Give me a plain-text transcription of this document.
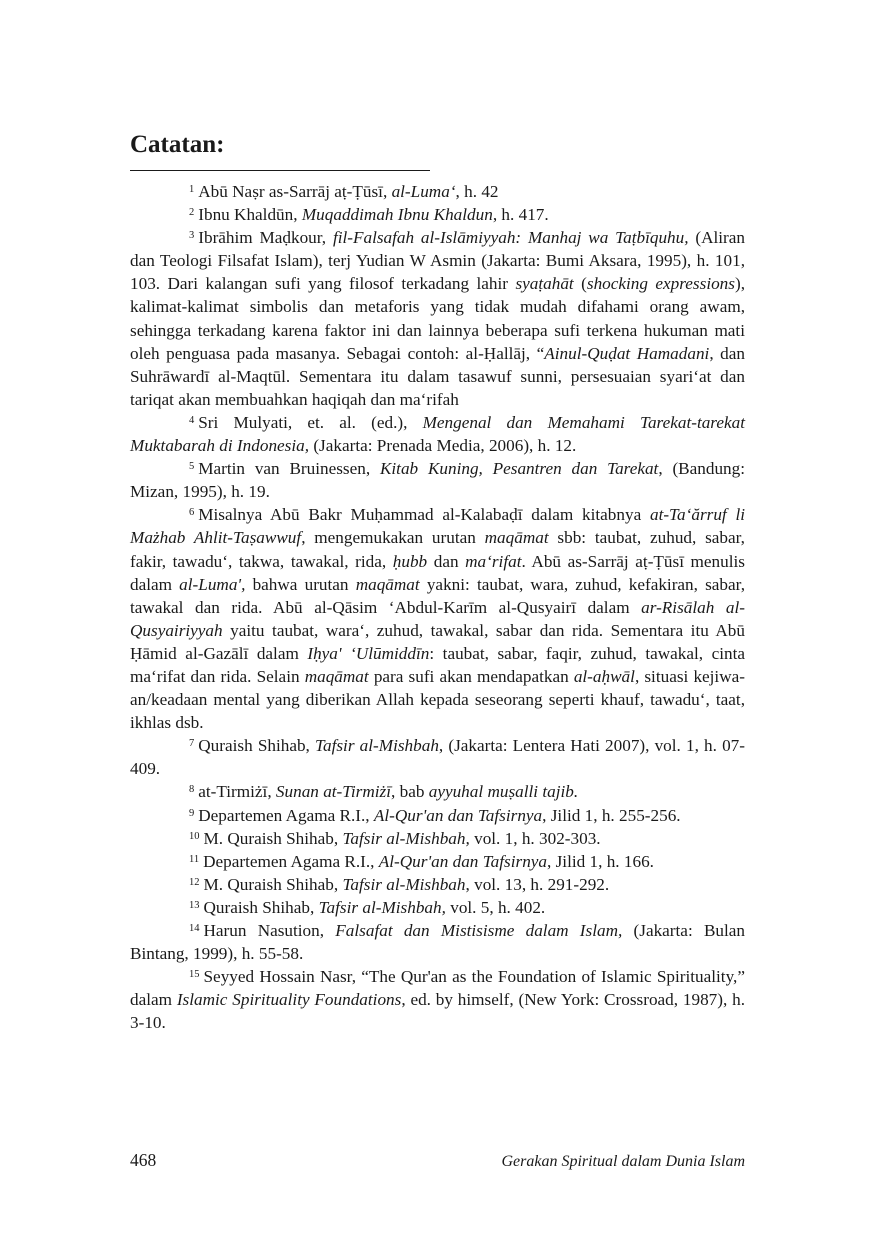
Catatan:

$^1$ Abū Naṣr as-Sarrāj aṭ-Ṭūsī, al-Luma‘, h. 42

$^2$ Ibnu Khaldūn, Muqaddimah Ibnu Khaldun, h. 417.

$^3$ Ibrāhim Maḍkour, fil-Falsafah al-Islāmiyyah: Manhaj wa Taṭbīquhu, (Aliran dan Teologi Filsafat Islam), terj Yudian W Asmin (Jakarta: Bumi Aksara, 1995), h. 101, 103. Dari kalangan sufi yang filosof terkadang lahir syaṭahāt (shocking expressions), kalimat-kalimat simbolis dan metaforis yang tidak mudah difahami orang awam, sehingga terkadang karena faktor ini dan lainnya beberapa sufi terkena hukuman mati oleh penguasa pada masanya. Sebagai contoh: al-Ḥallāj, “Ainul-Quḍat Hamadani, dan Suhrāwardī al-Maqtūl. Sementara itu dalam tasawuf sunni, persesuaian syari‘at dan tariqat akan membuahkan haqiqah dan ma‘rifah

$^4$ Sri Mulyati, et. al. (ed.), Mengenal dan Memahami Tarekat-tarekat Muktabarah di Indonesia, (Jakarta: Prenada Media, 2006), h. 12.

$^5$ Martin van Bruinessen, Kitab Kuning, Pesantren dan Tarekat, (Bandung: Mizan, 1995), h. 19.

$^6$ Misalnya Abū Bakr Muḥammad al-Kalabaḍī dalam kitabnya at-Ta‘ărruf li Mażhab Ahlit-Taṣawwuf, mengemukakan urutan maqāmat sbb: taubat, zuhud, sabar, fakir, tawadu‘, takwa, tawakal, rida, ḥubb dan ma‘rifat. Abū as-Sarrāj aṭ-Ṭūsī menulis dalam al-Luma', bahwa urutan maqāmat yakni: taubat, wara, zuhud, kefakiran, sabar, tawakal dan rida. Abū al-Qāsim ‘Abdul-Karīm al-Qusyairī dalam ar-Risālah al-Qusyairiyyah yaitu taubat, wara‘, zuhud, tawakal, sabar dan rida. Sementara itu Abū Ḥāmid al-Gazālī dalam Iḥya' ‘Ulūmiddīn: taubat, sabar, faqir, zuhud, tawakal, cinta ma‘rifat dan rida. Selain maqāmat para sufi akan mendapatkan al-aḥwāl, situasi kejiwa-an/keadaan mental yang diberikan Allah kepada seseorang seperti khauf, tawadu‘, taat, ikhlas dsb.

$^7$ Quraish Shihab, Tafsir al-Mishbah, (Jakarta: Lentera Hati 2007), vol. 1, h. 07-409.

$^8$ at-Tirmiżī, Sunan at-Tirmiżī, bab ayyuhal muṣalli tajib.

$^9$ Departemen Agama R.I., Al-Qur'an dan Tafsirnya, Jilid 1, h. 255-256.

$^{10}$ M. Quraish Shihab, Tafsir al-Mishbah, vol. 1, h. 302-303.

$^{11}$ Departemen Agama R.I., Al-Qur'an dan Tafsirnya, Jilid 1, h. 166.

$^{12}$ M. Quraish Shihab, Tafsir al-Mishbah, vol. 13, h. 291-292.

$^{13}$ Quraish Shihab, Tafsir al-Mishbah, vol. 5, h. 402.

$^{14}$ Harun Nasution, Falsafat dan Mistisisme dalam Islam, (Jakarta: Bulan Bintang, 1999), h. 55-58.

$^{15}$ Seyyed Hossain Nasr, “The Qur'an as the Foundation of Islamic Spirituality,” dalam Islamic Spirituality Foundations, ed. by himself, (New York: Crossroad, 1987), h. 3-10.

468	Gerakan Spiritual dalam Dunia Islam
